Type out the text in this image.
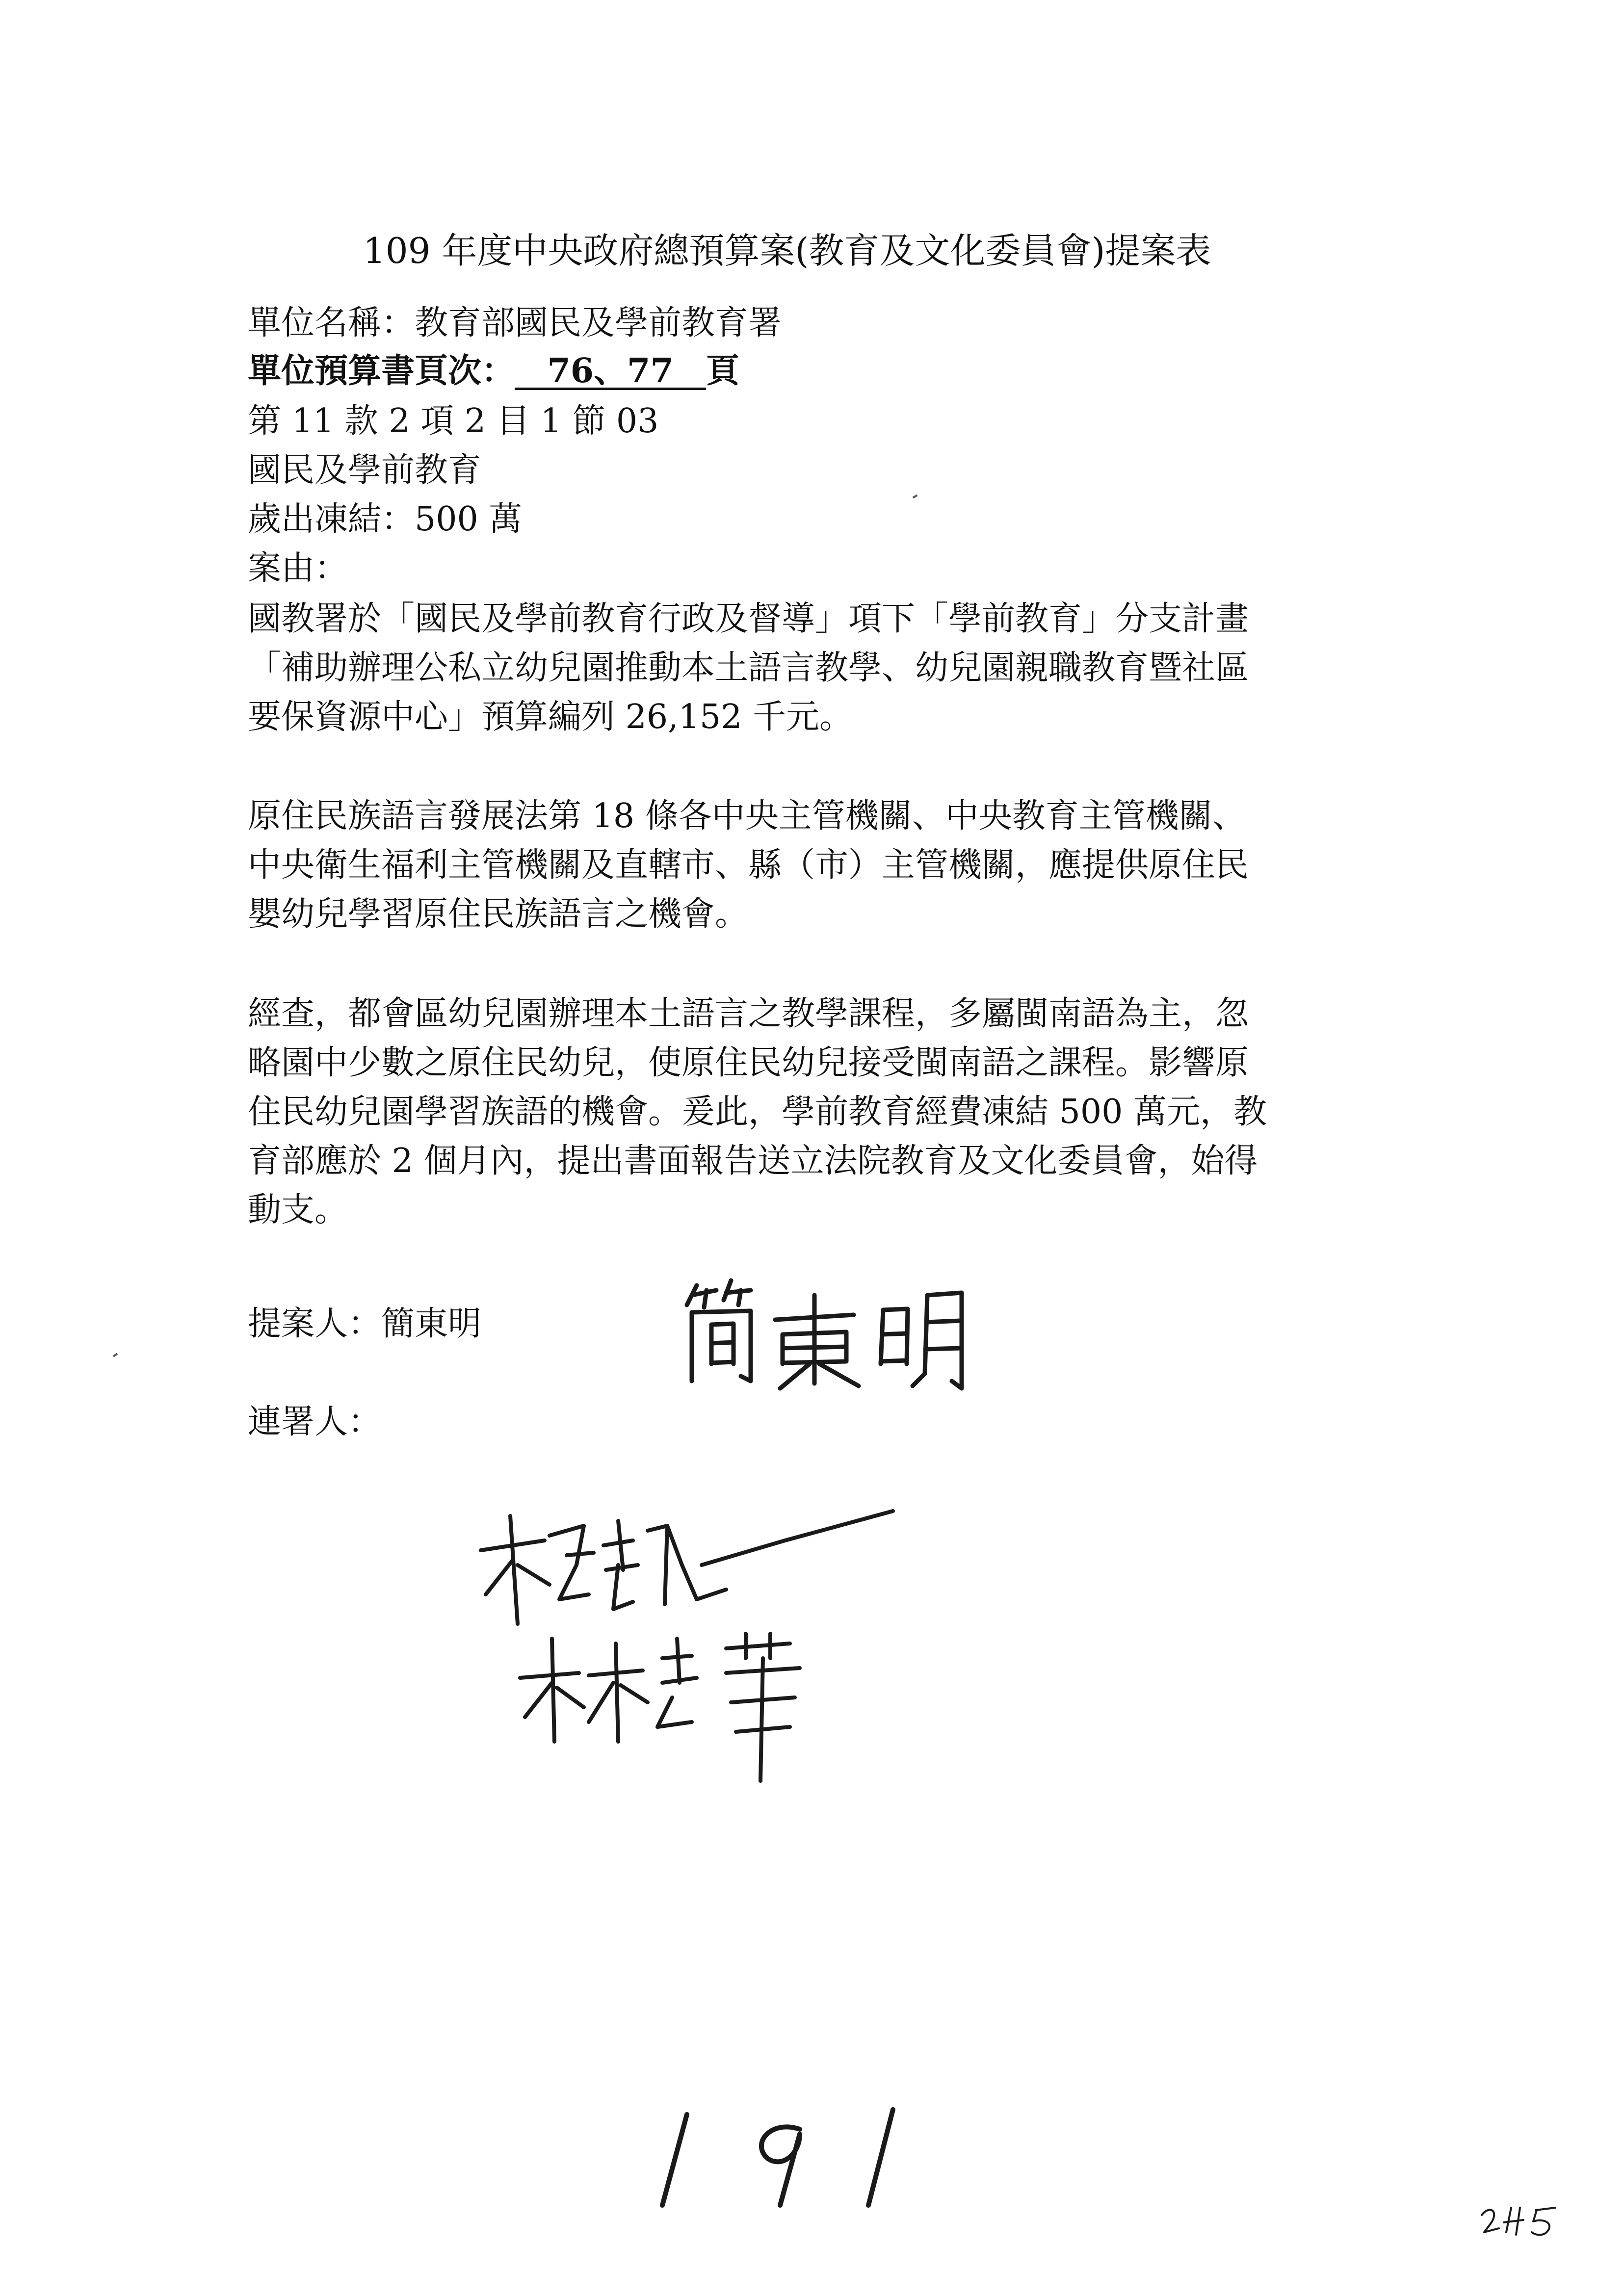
109 年度中央政府總預算案(教育及文化委員會)提案表
單位名稱：教育部國民及學前教育署
單位預算書頁次： 76、77 頁
第 11 款 2 項 2 目 1 節 03
國民及學前教育
歲出凍結：500 萬
案由：
國教署於「國民及學前教育行政及督導」項下「學前教育」分支計畫
「補助辦理公私立幼兒園推動本土語言教學、幼兒園親職教育暨社區
要保資源中心」預算編列 26,152 千元。
原住民族語言發展法第 18 條各中央主管機關、中央教育主管機關、
中央衛生福利主管機關及直轄市、縣（市）主管機關，應提供原住民
嬰幼兒學習原住民族語言之機會。
經查，都會區幼兒園辦理本土語言之教學課程，多屬閩南語為主，忽
略園中少數之原住民幼兒，使原住民幼兒接受閩南語之課程。影響原
住民幼兒園學習族語的機會。爰此，學前教育經費凍結 500 萬元，教
育部應於 2 個月內，提出書面報告送立法院教育及文化委員會，始得
動支。
提案人：簡東明
連署人：
